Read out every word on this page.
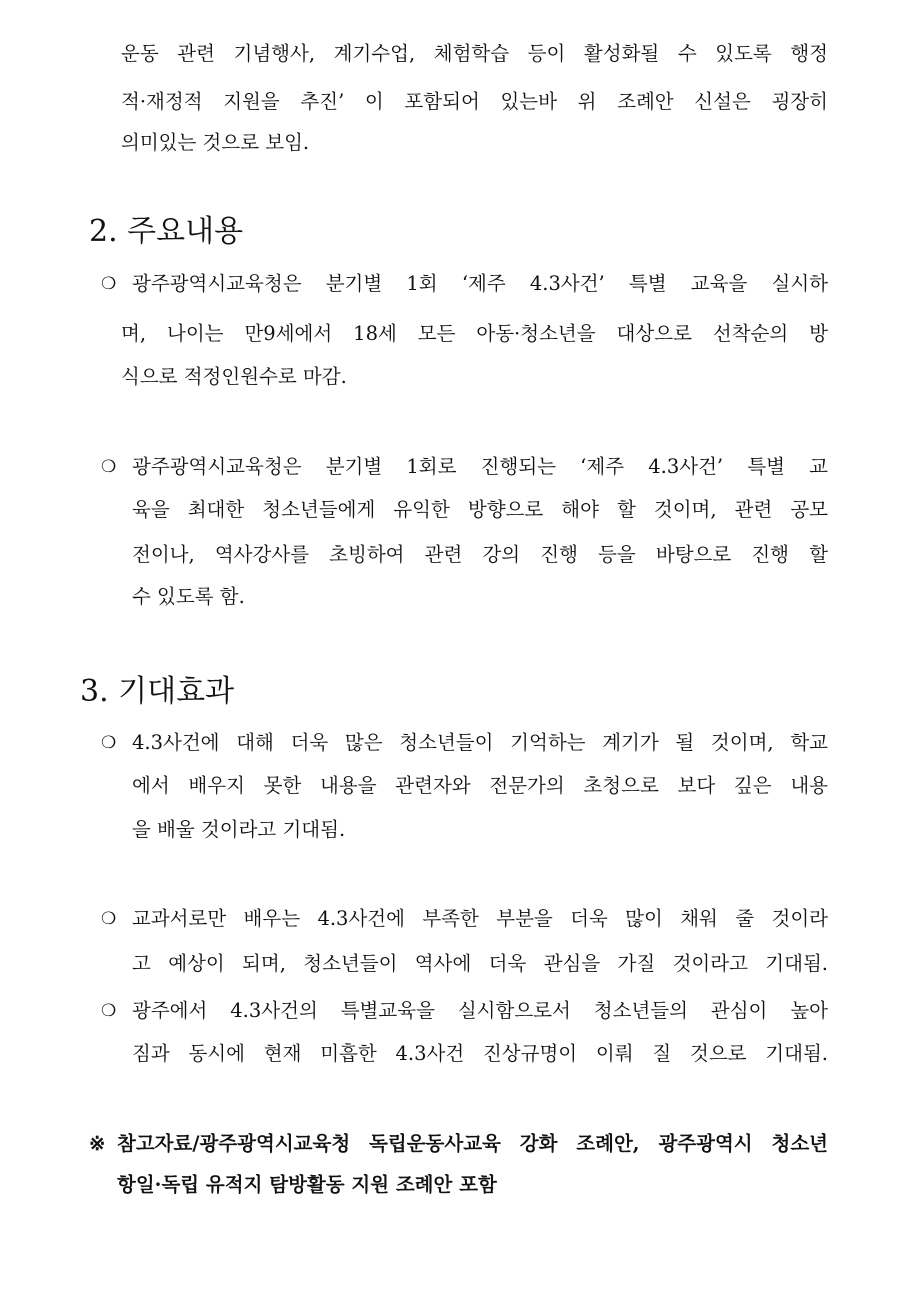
운동 관련 기념행사, 계기수업, 체험학습 등이 활성화될 수 있도록 행정
적·재정적 지원을 추진’ 이 포함되어 있는바 위 조례안 신설은 굉장히
의미있는 것으로 보임.
2. 주요내용
❍ 광주광역시교육청은 분기별 1회 ‘제주 4.3사건’ 특별 교육을 실시하
며, 나이는 만9세에서 18세 모든 아동·청소년을 대상으로 선착순의 방
식으로 적정인원수로 마감.
❍ 광주광역시교육청은 분기별 1회로 진행되는 ‘제주 4.3사건’ 특별 교
육을 최대한 청소년들에게 유익한 방향으로 해야 할 것이며, 관련 공모
전이나, 역사강사를 초빙하여 관련 강의 진행 등을 바탕으로 진행 할
수 있도록 함.
3. 기대효과
❍ 4.3사건에 대해 더욱 많은 청소년들이 기억하는 계기가 될 것이며, 학교
에서 배우지 못한 내용을 관련자와 전문가의 초청으로 보다 깊은 내용
을 배울 것이라고 기대됨.
❍ 교과서로만 배우는 4.3사건에 부족한 부분을 더욱 많이 채워 줄 것이라
고 예상이 되며, 청소년들이 역사에 더욱 관심을 가질 것이라고 기대됨.
❍ 광주에서 4.3사건의 특별교육을 실시함으로서 청소년들의 관심이 높아
짐과 동시에 현재 미흡한 4.3사건 진상규명이 이뤄 질 것으로 기대됨.
※ 참고자료/광주광역시교육청 독립운동사교육 강화 조례안, 광주광역시 청소년
항일·독립 유적지 탐방활동 지원 조례안 포함
